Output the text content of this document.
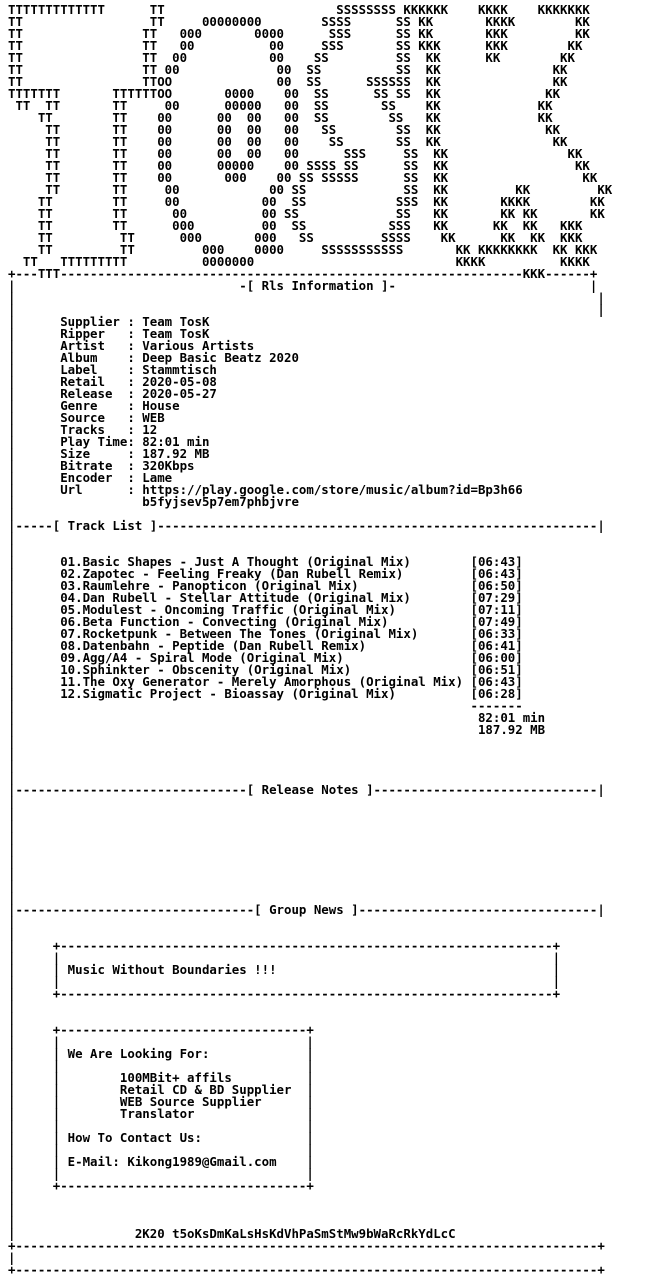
TTTTTTTTTTTTT      TT                       SSSSSSSS KKKKKK    KKKK    KKKKKKK
TT                 TT     00000000        SSSS      SS KK       KKKK        KK
TT                TT   000       0000      SSS      SS KK       KKK         KK
TT                TT   00          00     SSS       SS KKK      KKK        KK
TT                TT  00           00    SS         SS  KK      KK        KK
TT                TT 00             00  SS          SS  KK               KK
TT                TTOO              00  SS      SSSSSS  KK               KK
TTTTTTT       TTTTTTOO       0000    00  SS      SS SS  KK              KK
TT  TT       TT     00      00000   00  SS       SS    KK             KK
TT        TT    00      00  00   00  SS        SS   KK             KK
TT       TT    00      00  00   00   SS        SS  KK              KK
TT       TT    00      00  00   00    SS       SS  KK               KK
TT       TT    00      00  00   00      SSS     SS  KK                KK
TT       TT    00      00000    00 SSSS SS      SS  KK                 KK
TT       TT    00       000    00 SS SSSSS      SS  KK                  KK
TT       TT     00            00 SS             SS  KK         KK         KK
TT        TT     00           00  SS            SSS  KK       KKKK        KK
TT        TT      00          00 SS             SS   KK       KK KK       KK
TT        TT      000         00  SS           SSS   KK      KK  KK   KKK
TT         TT      000       000   SS         SSSS    KK      KK  KK  KKK
TT         TT         000    0000     SSSSSSSSSSS       KK KKKKKKKK  KK KKK
TT   TTTTTTTTT          0000000                           KKKK          KKKK
+---TTT--------------------------------------------------------------KKK------+
|                              -[ Rls Information ]-                          |
|                                                                              |
|                                                                              |
|      Supplier : Team TosK
|      Ripper   : Team TosK
|      Artist   : Various Artists
|      Album    : Deep Basic Beatz 2020
|      Label    : Stammtisch
|      Retail   : 2020-05-08
|      Release  : 2020-05-27
|      Genre    : House
|      Source   : WEB
|      Tracks   : 12
|      Play Time: 82:01 min
|      Size     : 187.92 MB
|      Bitrate  : 320Kbps
|      Encoder  : Lame
|      Url      : https://play.google.com/store/music/album?id=Bp3h66
|                 b5fyjsev5p7em7phbjvre
|
|-----[ Track List ]-----------------------------------------------------------|
|
|
|      01.Basic Shapes - Just A Thought (Original Mix)        [06:43]
|      02.Zapotec - Feeling Freaky (Dan Rubell Remix)         [06:43]
|      03.Raumlehre - Panopticon (Original Mix)               [06:50]
|      04.Dan Rubell - Stellar Attitude (Original Mix)        [07:29]
|      05.Modulest - Oncoming Traffic (Original Mix)          [07:11]
|      06.Beta Function - Convecting (Original Mix)           [07:49]
|      07.Rocketpunk - Between The Tones (Original Mix)       [06:33]
|      08.Datenbahn - Peptide (Dan Rubell Remix)              [06:41]
|      09.Agg/A4 - Spiral Mode (Original Mix)                 [06:00]
|      10.Sphinkter - Obscenity (Original Mix)                [06:51]
|      11.The Oxy Generator - Merely Amorphous (Original Mix) [06:43]
|      12.Sigmatic Project - Bioassay (Original Mix)          [06:28]
|                                                             -------
|                                                              82:01 min
|                                                              187.92 MB
|
|
|
|
|-------------------------------[ Release Notes ]------------------------------|
|
|
|
|
|
|
|
|
|
|--------------------------------[ Group News ]--------------------------------|
|
|
|     +------------------------------------------------------------------+
|     |                                                                  |
|     | Music Without Boundaries !!!                                     |
|     |                                                                  |
|     +------------------------------------------------------------------+
|
|
|     +---------------------------------+
|     |                                 |
|     | We Are Looking For:             |
|     |                                 |
|     |        100MBit+ affils          |
|     |        Retail CD & BD Supplier  |
|     |        WEB Source Supplier      |
|     |        Translator               |
|     |                                 |
|     | How To Contact Us:              |
|     |                                 |
|     | E-Mail: Kikong1989@Gmail.com    |
|     |                                 |
|     +---------------------------------+
|
|
|
|                2K20 t5oKsDmKaLsHsKdVhPaSmStMw9bWaRcRkYdLcC
+------------------------------------------------------------------------------+
|
+------------------------------------------------------------------------------+
